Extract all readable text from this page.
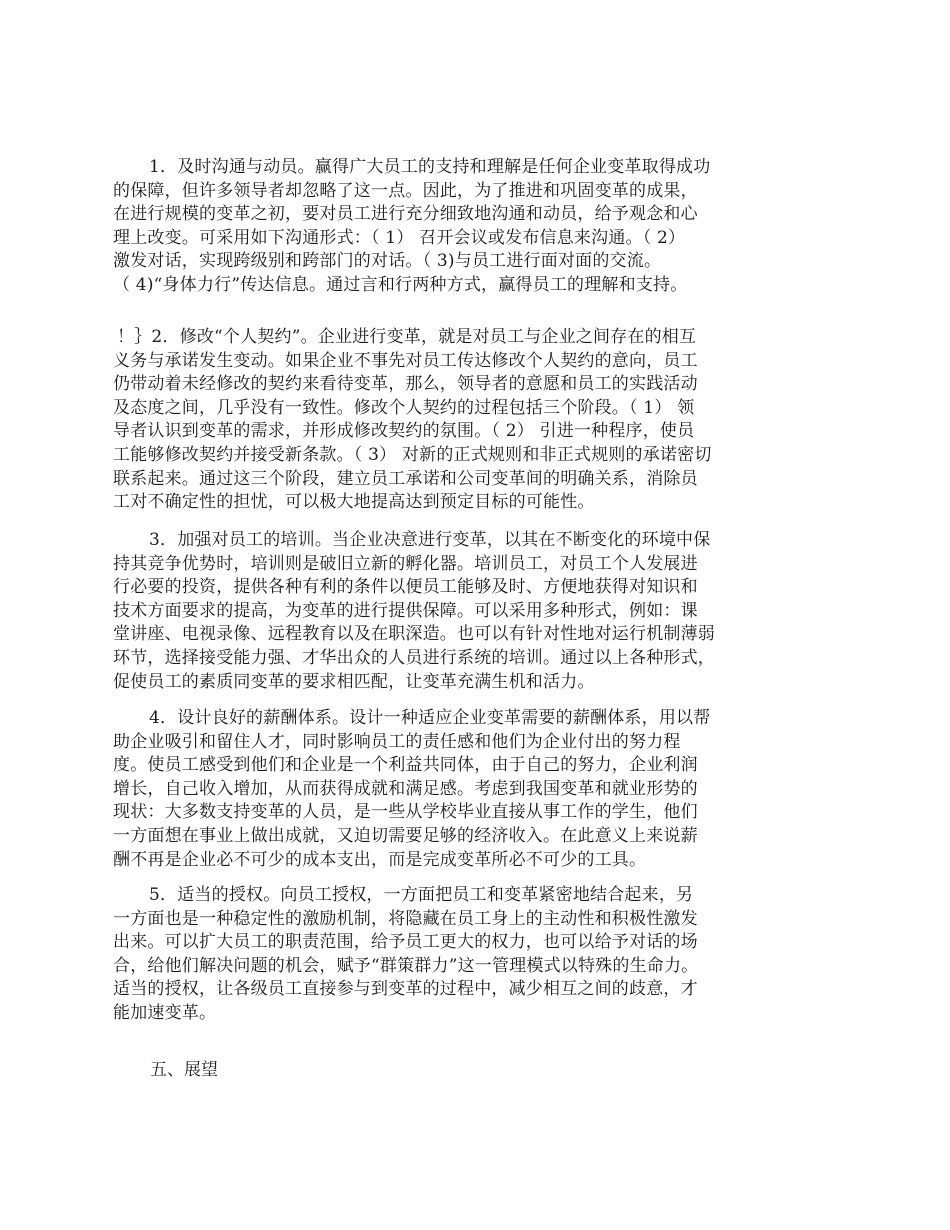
1．及时沟通与动员。赢得广大员工的支持和理解是任何企业变革取得成功
的保障，但许多领导者却忽略了这一点。因此，为了推进和巩固变革的成果，
在进行规模的变革之初，要对员工进行充分细致地沟通和动员，给予观念和心
理上改变。可采用如下沟通形式：（ 1） 召开会议或发布信息来沟通。（ 2）
激发对话，实现跨级别和跨部门的对话。（ 3)与员工进行面对面的交流。
（ 4)“身体力行”传达信息。通过言和行两种方式，赢得员工的理解和支持。
！｝2．修改“个人契约”。企业进行变革，就是对员工与企业之间存在的相互
义务与承诺发生变动。如果企业不事先对员工传达修改个人契约的意向，员工
仍带动着未经修改的契约来看待变革，那么，领导者的意愿和员工的实践活动
及态度之间，几乎没有一致性。修改个人契约的过程包括三个阶段。（ 1） 领
导者认识到变革的需求，并形成修改契约的氛围。（ 2） 引进一种程序，使员
工能够修改契约并接受新条款。（ 3） 对新的正式规则和非正式规则的承诺密切
联系起来。通过这三个阶段，建立员工承诺和公司变革间的明确关系，消除员
工对不确定性的担忧，可以极大地提高达到预定目标的可能性。
3．加强对员工的培训。当企业决意进行变革，以其在不断变化的环境中保
持其竞争优势时，培训则是破旧立新的孵化器。培训员工，对员工个人发展进
行必要的投资，提供各种有利的条件以便员工能够及时、方便地获得对知识和
技术方面要求的提高，为变革的进行提供保障。可以采用多种形式，例如：课
堂讲座、电视录像、远程教育以及在职深造。也可以有针对性地对运行机制薄弱
环节，选择接受能力强、才华出众的人员进行系统的培训。通过以上各种形式，
促使员工的素质同变革的要求相匹配，让变革充满生机和活力。
4．设计良好的薪酬体系。设计一种适应企业变革需要的薪酬体系，用以帮
助企业吸引和留住人才，同时影响员工的责任感和他们为企业付出的努力程
度。使员工感受到他们和企业是一个利益共同体，由于自己的努力，企业利润
增长，自己收入增加，从而获得成就和满足感。考虑到我国变革和就业形势的
现状：大多数支持变革的人员，是一些从学校毕业直接从事工作的学生，他们
一方面想在事业上做出成就，又迫切需要足够的经济收入。在此意义上来说薪
酬不再是企业必不可少的成本支出，而是完成变革所必不可少的工具。
5．适当的授权。向员工授权，一方面把员工和变革紧密地结合起来，另
一方面也是一种稳定性的激励机制，将隐藏在员工身上的主动性和积极性激发
出来。可以扩大员工的职责范围，给予员工更大的权力，也可以给予对话的场
合，给他们解决问题的机会，赋予“群策群力”这一管理模式以特殊的生命力。
适当的授权，让各级员工直接参与到变革的过程中，减少相互之间的歧意，才
能加速变革。
五、展望
